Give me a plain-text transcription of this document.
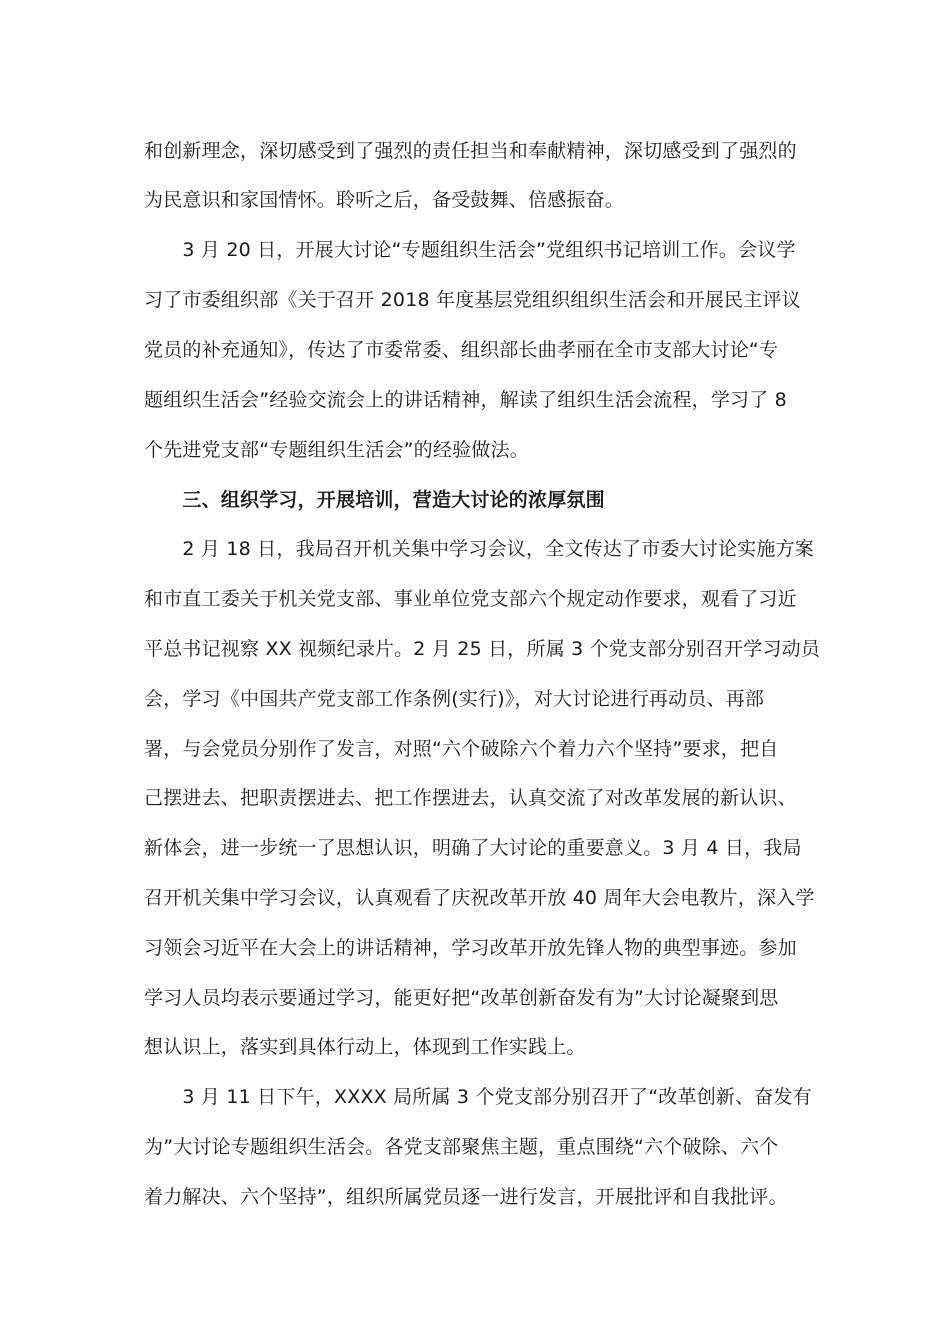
和创新理念，深切感受到了强烈的责任担当和奉献精神，深切感受到了强烈的
为民意识和家国情怀。聆听之后，备受鼓舞、倍感振奋。
　　3 月 20 日，开展大讨论“专题组织生活会”党组织书记培训工作。会议学
习了市委组织部《关于召开 2018 年度基层党组织组织生活会和开展民主评议
党员的补充通知》，传达了市委常委、组织部长曲孝丽在全市支部大讨论“专
题组织生活会”经验交流会上的讲话精神，解读了组织生活会流程，学习了 8
个先进党支部“专题组织生活会”的经验做法。
　　三、组织学习，开展培训，营造大讨论的浓厚氛围
　　2 月 18 日，我局召开机关集中学习会议，全文传达了市委大讨论实施方案
和市直工委关于机关党支部、事业单位党支部六个规定动作要求，观看了习近
平总书记视察 XX 视频纪录片。2 月 25 日，所属 3 个党支部分别召开学习动员
会，学习《中国共产党支部工作条例(实行)》，对大讨论进行再动员、再部
署，与会党员分别作了发言，对照“六个破除六个着力六个坚持”要求，把自
己摆进去、把职责摆进去、把工作摆进去，认真交流了对改革发展的新认识、
新体会，进一步统一了思想认识，明确了大讨论的重要意义。3 月 4 日，我局
召开机关集中学习会议，认真观看了庆祝改革开放 40 周年大会电教片，深入学
习领会习近平在大会上的讲话精神，学习改革开放先锋人物的典型事迹。参加
学习人员均表示要通过学习，能更好把“改革创新奋发有为”大讨论凝聚到思
想认识上，落实到具体行动上，体现到工作实践上。
　　3 月 11 日下午，XXXX 局所属 3 个党支部分别召开了“改革创新、奋发有
为”大讨论专题组织生活会。各党支部聚焦主题，重点围绕“六个破除、六个
着力解决、六个坚持”，组织所属党员逐一进行发言，开展批评和自我批评。
